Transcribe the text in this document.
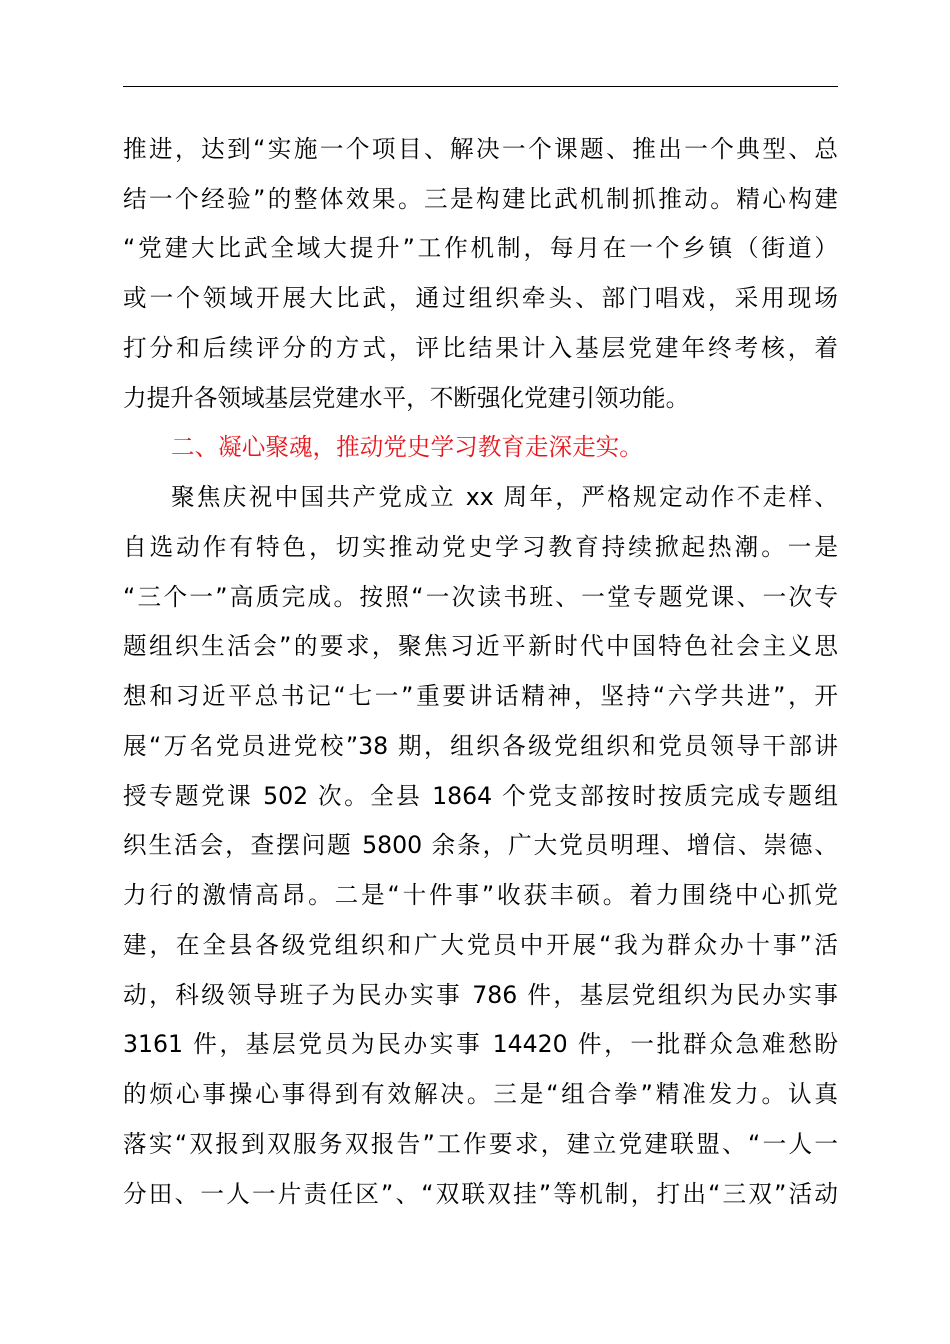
推进，达到“实施一个项目、解决一个课题、推出一个典型、总
结一个经验”的整体效果。三是构建比武机制抓推动。精心构建
“党建大比武全域大提升”工作机制，每月在一个乡镇（街道）
或一个领域开展大比武，通过组织牵头、部门唱戏，采用现场
打分和后续评分的方式，评比结果计入基层党建年终考核，着
力提升各领域基层党建水平，不断强化党建引领功能。
二、凝心聚魂，推动党史学习教育走深走实。
聚焦庆祝中国共产党成立 xx 周年，严格规定动作不走样、
自选动作有特色，切实推动党史学习教育持续掀起热潮。一是
“三个一”高质完成。按照“一次读书班、一堂专题党课、一次专
题组织生活会”的要求，聚焦习近平新时代中国特色社会主义思
想和习近平总书记“七一”重要讲话精神，坚持“六学共进”，开
展“万名党员进党校”38 期，组织各级党组织和党员领导干部讲
授专题党课 502 次。全县 1864 个党支部按时按质完成专题组
织生活会，查摆问题 5800 余条，广大党员明理、增信、崇德、
力行的激情高昂。二是“十件事”收获丰硕。着力围绕中心抓党
建，在全县各级党组织和广大党员中开展“我为群众办十事”活
动，科级领导班子为民办实事 786 件，基层党组织为民办实事
3161 件，基层党员为民办实事 14420 件，一批群众急难愁盼
的烦心事操心事得到有效解决。三是“组合拳”精准发力。认真
落实“双报到双服务双报告”工作要求，建立党建联盟、“一人一
分田、一人一片责任区”、“双联双挂”等机制，打出“三双”活动
